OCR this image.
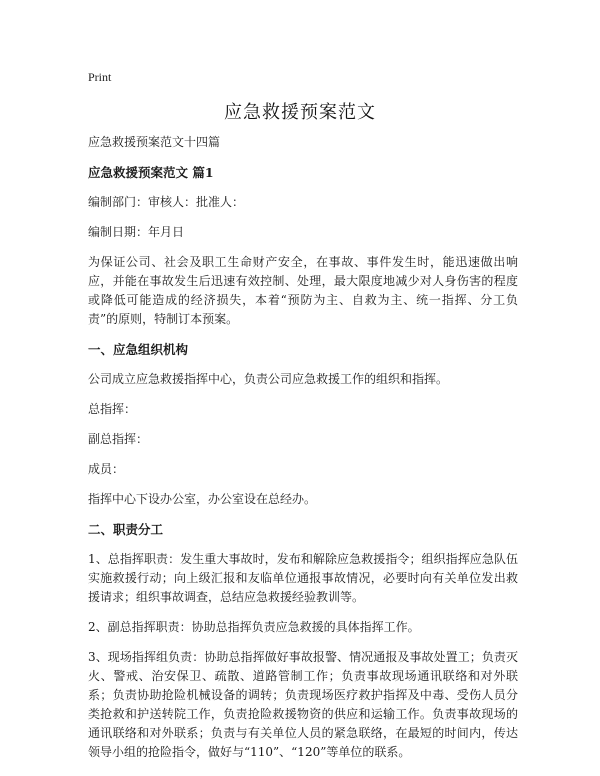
Print
应急救援预案范文

应急救援预案范文十四篇

应急救援预案范文 篇1

编制部门：审核人：批准人：

编制日期：年月日

为保证公司、社会及职工生命财产安全，在事故、事件发生时，能迅速做出响应，并能在事故发生后迅速有效控制、处理，最大限度地减少对人身伤害的程度或降低可能造成的经济损失，本着“预防为主、自救为主、统一指挥、分工负责”的原则，特制订本预案。

一、应急组织机构

公司成立应急救援指挥中心，负责公司应急救援工作的组织和指挥。

总指挥：

副总指挥：

成员：

指挥中心下设办公室，办公室设在总经办。

二、职责分工

1、总指挥职责：发生重大事故时，发布和解除应急救援指令；组织指挥应急队伍实施救援行动；向上级汇报和友临单位通报事故情况，必要时向有关单位发出救援请求；组织事故调查，总结应急救援经验教训等。

2、副总指挥职责：协助总指挥负责应急救援的具体指挥工作。

3、现场指挥组负责：协助总指挥做好事故报警、情况通报及事故处置工；负责灭火、警戒、治安保卫、疏散、道路管制工作；负责事故现场通讯联络和对外联系；负责协助抢险机械设备的调转；负责现场医疗救护指挥及中毒、受伤人员分类抢救和护送转院工作，负责抢险救援物资的供应和运输工作。负责事故现场的通讯联络和对外联系；负责与有关单位人员的紧急联络，在最短的时间内，传达领导小组的抢险指令，做好与“110”、“120”等单位的联系。
